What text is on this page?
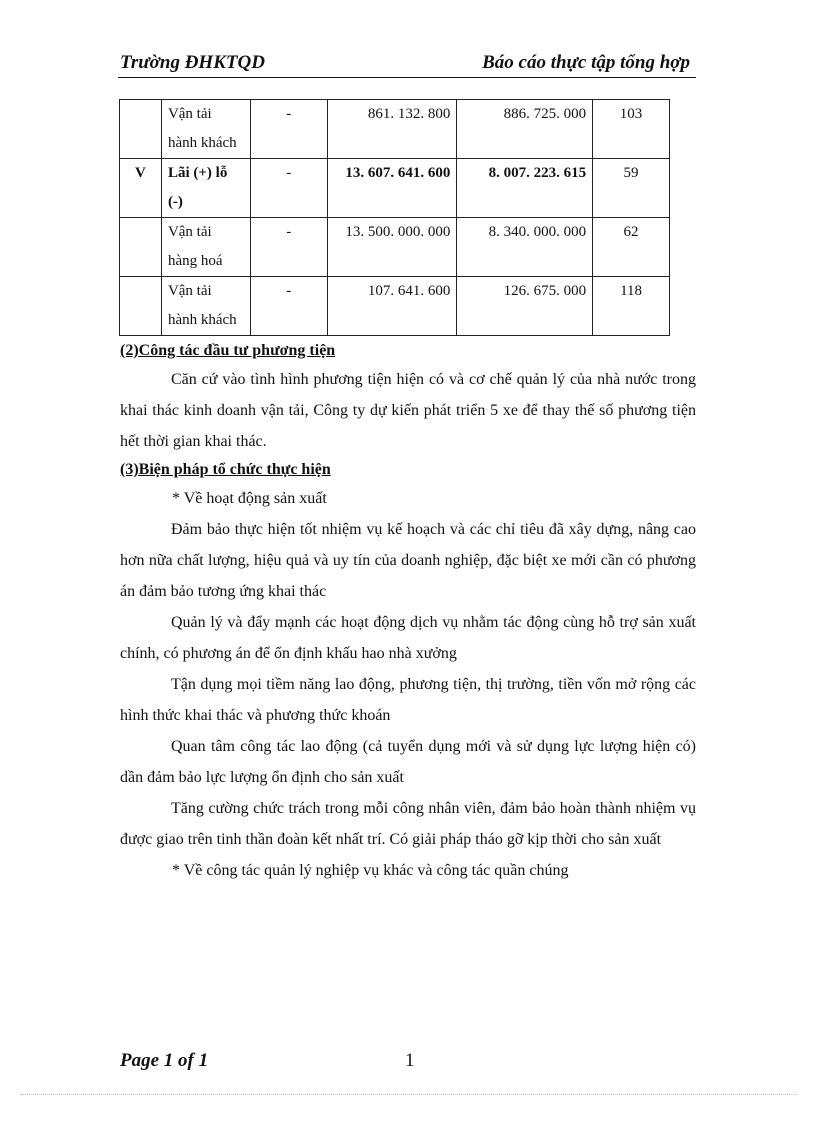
Trường ĐHKTQD	Báo cáo thực tập tổng hợp
	Vận tải hành khách	-	861. 132. 800	886. 725. 000	103
V	Lãi (+) lỗ (-)	-	13. 607. 641. 600	8. 007. 223. 615	59
	Vận tải hàng hoá	-	13. 500. 000. 000	8. 340. 000. 000	62
	Vận tải hành khách	-	107. 641. 600	126. 675. 000	118
(2)Công tác đầu tư phương tiện

Căn cứ vào tình hình phương tiện hiện có và cơ chế quản lý của nhà nước trong khai thác kinh doanh vận tải, Công ty dự kiến phát triển 5 xe để thay thế số phương tiện hết thời gian khai thác.

(3)Biện pháp tổ chức thực hiện

* Về hoạt động sản xuất

Đảm bảo thực hiện tốt nhiệm vụ kế hoạch và các chỉ tiêu đã xây dựng, nâng cao hơn nữa chất lượng, hiệu quả và uy tín của doanh nghiệp, đặc biệt xe mới cần có phương án đảm bảo tương ứng khai thác

Quản lý và đẩy mạnh các hoạt động dịch vụ nhằm tác động cùng hỗ trợ sản xuất chính, có phương án để ổn định khấu hao nhà xưởng

Tận dụng mọi tiềm năng lao động, phương tiện, thị trường, tiền vốn mở rộng các hình thức khai thác và phương thức khoán

Quan tâm công tác lao động (cả tuyển dụng mới và sử dụng lực lượng hiện có) dần đảm bảo lực lượng ổn định cho sản xuất

Tăng cường chức trách trong mỗi công nhân viên, đảm bảo hoàn thành nhiệm vụ được giao trên tinh thần đoàn kết nhất trí. Có giải pháp tháo gỡ kịp thời cho sản xuất

* Về công tác quản lý nghiệp vụ khác và công tác quần chúng

Page 1 of 1	1
